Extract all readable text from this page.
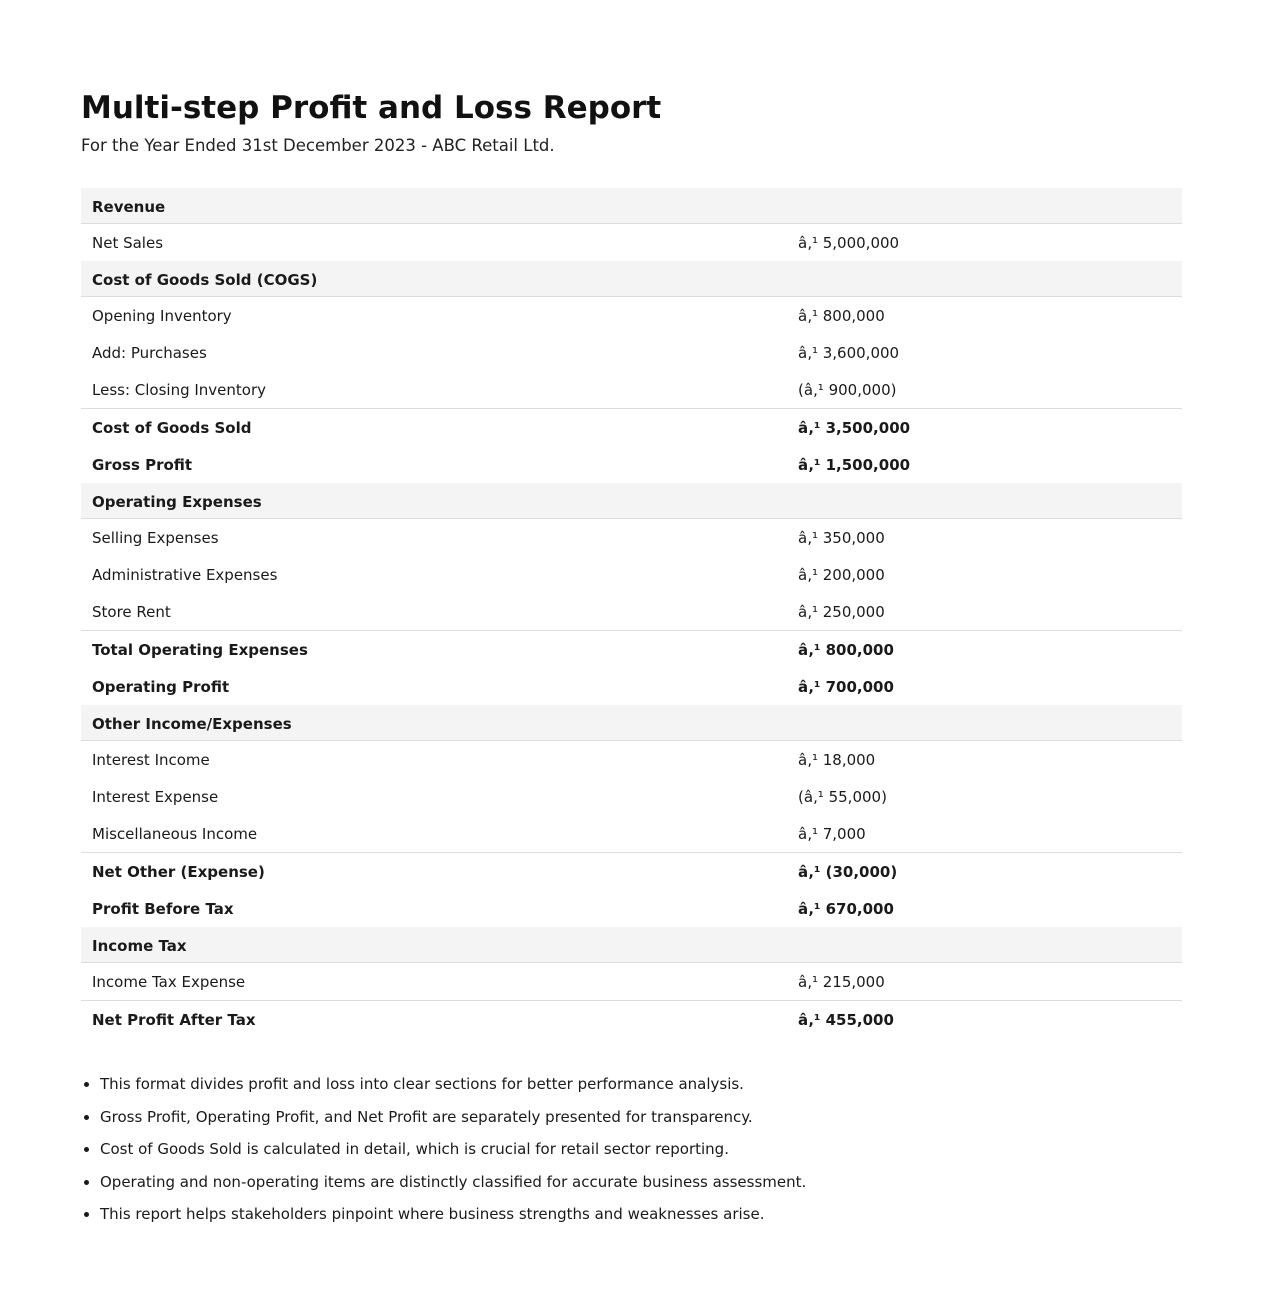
Multi-step Profit and Loss Report
For the Year Ended 31st December 2023 - ABC Retail Ltd.
Revenue	
Net Sales	â‚¹ 5,000,000
Cost of Goods Sold (COGS)	
Opening Inventory	â‚¹ 800,000
Add: Purchases	â‚¹ 3,600,000
Less: Closing Inventory	(â‚¹ 900,000)
Cost of Goods Sold	â‚¹ 3,500,000
Gross Profit	â‚¹ 1,500,000
Operating Expenses	
Selling Expenses	â‚¹ 350,000
Administrative Expenses	â‚¹ 200,000
Store Rent	â‚¹ 250,000
Total Operating Expenses	â‚¹ 800,000
Operating Profit	â‚¹ 700,000
Other Income/Expenses	
Interest Income	â‚¹ 18,000
Interest Expense	(â‚¹ 55,000)
Miscellaneous Income	â‚¹ 7,000
Net Other (Expense)	â‚¹ (30,000)
Profit Before Tax	â‚¹ 670,000
Income Tax	
Income Tax Expense	â‚¹ 215,000
Net Profit After Tax	â‚¹ 455,000
• This format divides profit and loss into clear sections for better performance analysis.
• Gross Profit, Operating Profit, and Net Profit are separately presented for transparency.
• Cost of Goods Sold is calculated in detail, which is crucial for retail sector reporting.
• Operating and non-operating items are distinctly classified for accurate business assessment.
• This report helps stakeholders pinpoint where business strengths and weaknesses arise.
